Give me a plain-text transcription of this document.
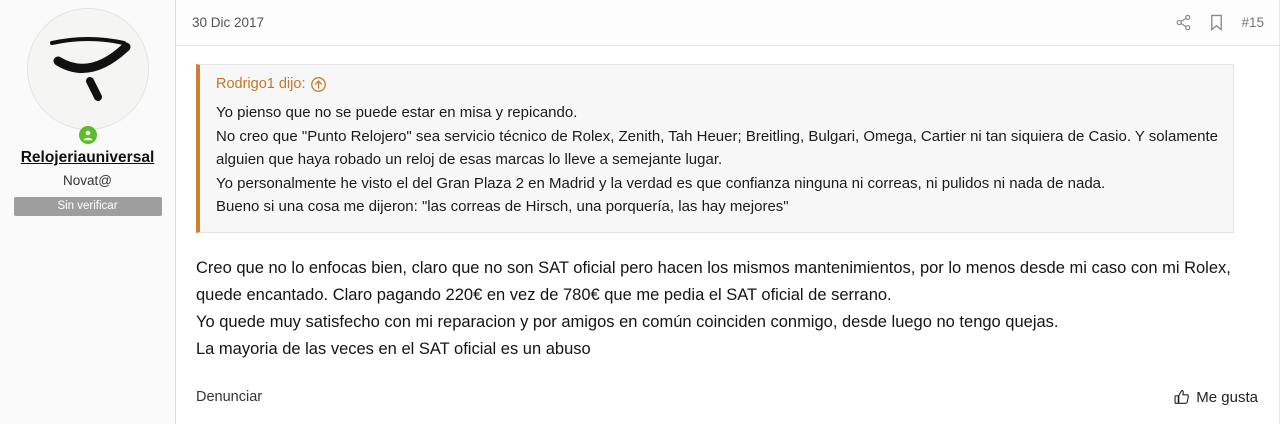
Relojeriauniversal
Novat@
Sin verificar
30 Dic 2017	#15
Rodrigo1 dijo:

Yo pienso que no se puede estar en misa y repicando.

No creo que "Punto Relojero" sea servicio técnico de Rolex, Zenith, Tah Heuer; Breitling, Bulgari, Omega, Cartier ni tan siquiera de Casio. Y solamente alguien que haya robado un reloj de esas marcas lo lleve a semejante lugar.

Yo personalmente he visto el del Gran Plaza 2 en Madrid y la verdad es que confianza ninguna ni correas, ni pulidos ni nada de nada.

Bueno si una cosa me dijeron: "las correas de Hirsch, una porquería, las hay mejores"

Creo que no lo enfocas bien, claro que no son SAT oficial pero hacen los mismos mantenimientos, por lo menos desde mi caso con mi Rolex, quede encantado. Claro pagando 220€ en vez de 780€ que me pedia el SAT oficial de serrano.

Yo quede muy satisfecho con mi reparacion y por amigos en común coinciden conmigo, desde luego no tengo quejas.

La mayoria de las veces en el SAT oficial es un abuso

Denunciar	Me gusta
